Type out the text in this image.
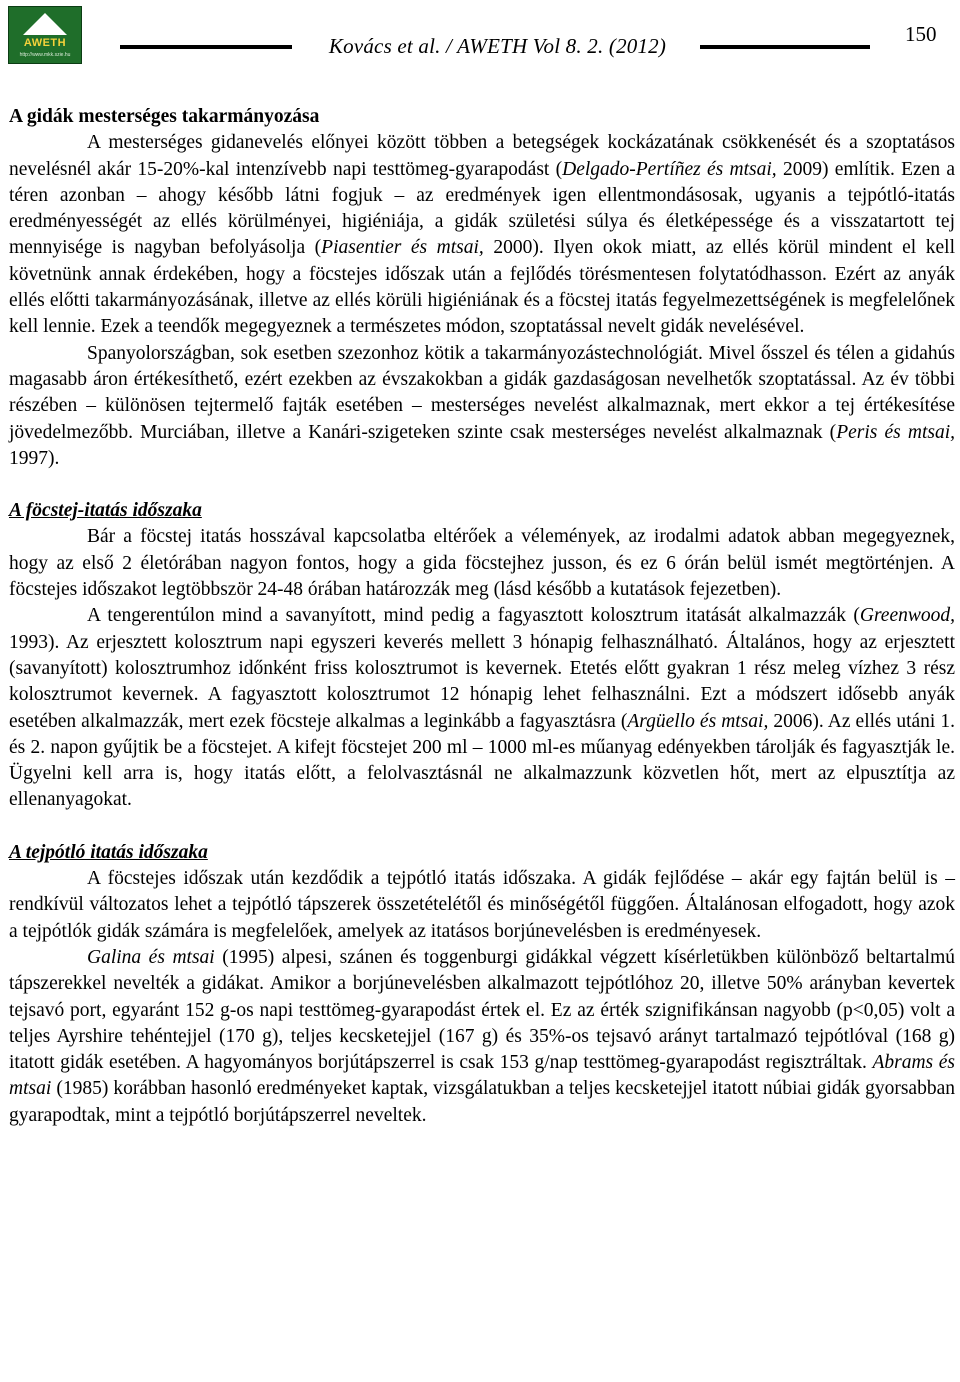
AWETH
http://www.mkk.szie.hu	Kovács et al. / AWETH Vol 8. 2. (2012)	150
A gidák mesterséges takarmányozása

A mesterséges gidanevelés előnyei között többen a betegségek kockázatának csökkenését és a szoptatásos nevelésnél akár 15-20%-kal intenzívebb napi testtömeg-gyarapodást (Delgado-Pertíñez és mtsai, 2009) említik. Ezen a téren azonban – ahogy később látni fogjuk – az eredmények igen ellentmondásosak, ugyanis a tejpótló-itatás eredményességét az ellés körülményei, higiéniája, a gidák születési súlya és életképessége és a visszatartott tej mennyisége is nagyban befolyásolja (Piasentier és mtsai, 2000). Ilyen okok miatt, az ellés körül mindent el kell követnünk annak érdekében, hogy a föcstejes időszak után a fejlődés törésmentesen folytatódhasson. Ezért az anyák ellés előtti takarmányozásának, illetve az ellés körüli higiéniának és a föcstej itatás fegyelmezettségének is megfelelőnek kell lennie. Ezek a teendők megegyeznek a természetes módon, szoptatással nevelt gidák nevelésével.

Spanyolországban, sok esetben szezonhoz kötik a takarmányozástechnológiát. Mivel ősszel és télen a gidahús magasabb áron értékesíthető, ezért ezekben az évszakokban a gidák gazdaságosan nevelhetők szoptatással. Az év többi részében – különösen tejtermelő fajták esetében – mesterséges nevelést alkalmaznak, mert ekkor a tej értékesítése jövedelmezőbb. Murciában, illetve a Kanári-szigeteken szinte csak mesterséges nevelést alkalmaznak (Peris és mtsai, 1997).

A föcstej-itatás időszaka

Bár a föcstej itatás hosszával kapcsolatba eltérőek a vélemények, az irodalmi adatok abban megegyeznek, hogy az első 2 életórában nagyon fontos, hogy a gida föcstejhez jusson, és ez 6 órán belül ismét megtörténjen. A föcstejes időszakot legtöbbször 24-48 órában határozzák meg (lásd később a kutatások fejezetben).

A tengerentúlon mind a savanyított, mind pedig a fagyasztott kolosztrum itatását alkalmazzák (Greenwood, 1993). Az erjesztett kolosztrum napi egyszeri keverés mellett 3 hónapig felhasználható. Általános, hogy az erjesztett (savanyított) kolosztrumhoz időnként friss kolosztrumot is kevernek. Etetés előtt gyakran 1 rész meleg vízhez 3 rész kolosztrumot kevernek. A fagyasztott kolosztrumot 12 hónapig lehet felhasználni. Ezt a módszert idősebb anyák esetében alkalmazzák, mert ezek föcsteje alkalmas a leginkább a fagyasztásra (Argüello és mtsai, 2006). Az ellés utáni 1. és 2. napon gyűjtik be a föcstejet. A kifejt föcstejet 200 ml – 1000 ml-es műanyag edényekben tárolják és fagyasztják le. Ügyelni kell arra is, hogy itatás előtt, a felolvasztásnál ne alkalmazzunk közvetlen hőt, mert az elpusztítja az ellenanyagokat.

A tejpótló itatás időszaka

A föcstejes időszak után kezdődik a tejpótló itatás időszaka. A gidák fejlődése – akár egy fajtán belül is – rendkívül változatos lehet a tejpótló tápszerek összetételétől és minőségétől függően. Általánosan elfogadott, hogy azok a tejpótlók gidák számára is megfelelőek, amelyek az itatásos borjúnevelésben is eredményesek.

Galina és mtsai (1995) alpesi, szánen és toggenburgi gidákkal végzett kísérletükben különböző beltartalmú tápszerekkel nevelték a gidákat. Amikor a borjúnevelésben alkalmazott tejpótlóhoz 20, illetve 50% arányban kevertek tejsavó port, egyaránt 152 g-os napi testtömeg-gyarapodást értek el. Ez az érték szignifikánsan nagyobb (p<0,05) volt a teljes Ayrshire tehéntejjel (170 g), teljes kecsketejjel (167 g) és 35%-os tejsavó arányt tartalmazó tejpótlóval (168 g) itatott gidák esetében. A hagyományos borjútápszerrel is csak 153 g/nap testtömeg-gyarapodást regisztráltak. Abrams és mtsai (1985) korábban hasonló eredményeket kaptak, vizsgálatukban a teljes kecsketejjel itatott núbiai gidák gyorsabban gyarapodtak, mint a tejpótló borjútápszerrel neveltek.
